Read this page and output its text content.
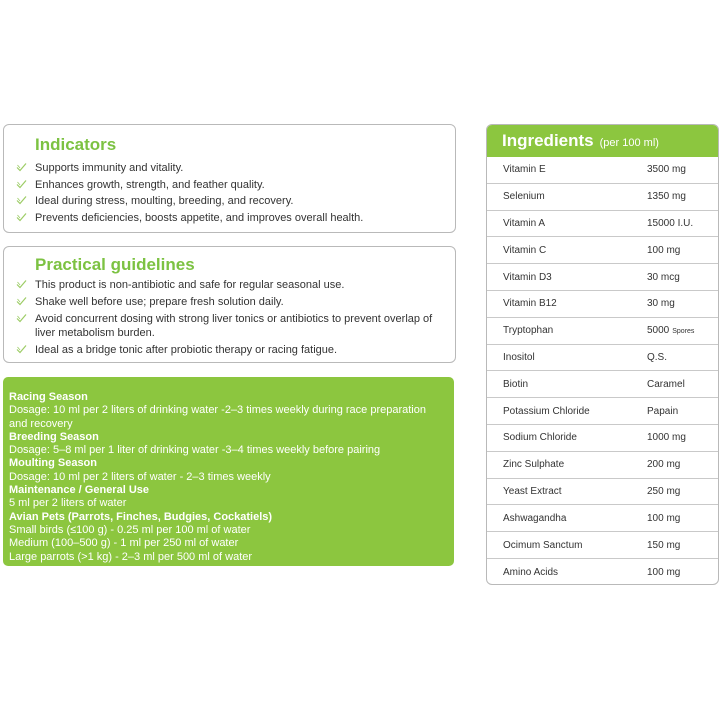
Indicators
Supports immunity and vitality.
Enhances growth, strength, and feather quality.
Ideal during stress, moulting, breeding, and recovery.
Prevents deficiencies, boosts appetite, and improves overall health.
Practical guidelines
This product is non-antibiotic and safe for regular seasonal use.
Shake well before use; prepare fresh solution daily.
Avoid concurrent dosing with strong liver tonics or antibiotics to prevent overlap of liver metabolism burden.
Ideal as a bridge tonic after probiotic therapy or racing fatigue.
Racing Season
Dosage: 10 ml per 2 liters of drinking water -2–3 times weekly during race preparation
and recovery
Breeding Season
Dosage: 5–8 ml per 1 liter of drinking water -3–4 times weekly before pairing
Moulting Season
Dosage: 10 ml per 2 liters of water - 2–3 times weekly
Maintenance / General Use
5 ml per 2 liters of water
Avian Pets (Parrots, Finches, Budgies, Cockatiels)
Small birds (≤100 g) - 0.25 ml per 100 ml of water
Medium (100–500 g) - 1 ml per 250 ml of water
Large parrots (>1 kg) - 2–3 ml per 500 ml of water
Ingredients (per 100 ml)
Vitamin E	3500 mg
Selenium	1350 mg
Vitamin A	15000 I.U.
Vitamin C	100 mg
Vitamin D3	30 mcg
Vitamin B12	30 mg
Tryptophan	5000 Spores
Inositol	Q.S.
Biotin	Caramel
Potassium Chloride	Papain
Sodium Chloride	1000 mg
Zinc Sulphate	200 mg
Yeast Extract	250 mg
Ashwagandha	100 mg
Ocimum Sanctum	150 mg
Amino Acids	100 mg
